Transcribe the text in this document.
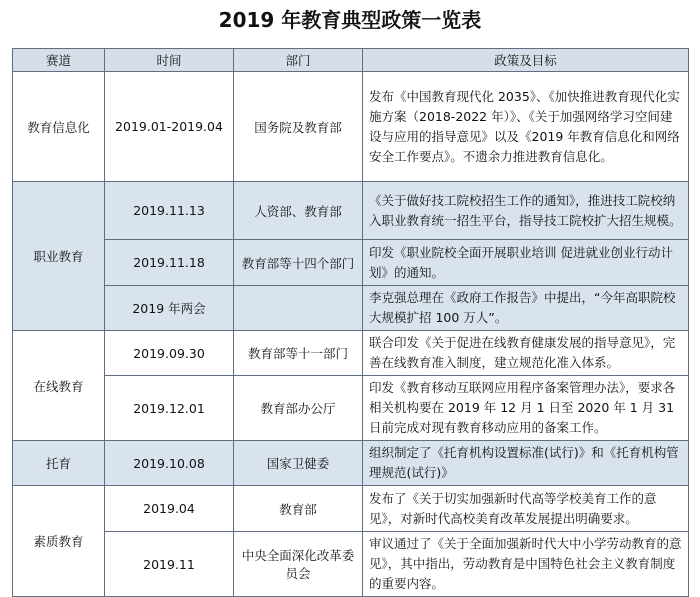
2019 年教育典型政策一览表
赛道	时间	部门	政策及目标
教育信息化	2019.01-2019.04	国务院及教育部	发布《中国教育现代化 2035》、《加快推进教育现代化实施方案（2018-2022 年）》、《关于加强网络学习空间建设与应用的指导意见》以及《2019 年教育信息化和网络安全工作要点》。不遗余力推进教育信息化。
职业教育	2019.11.13	人资部、教育部	《关于做好技工院校招生工作的通知》，推进技工院校纳入职业教育统一招生平台，指导技工院校扩大招生规模。
	2019.11.18	教育部等十四个部门	印发《职业院校全面开展职业培训 促进就业创业行动计划》的通知。
	2019 年两会		李克强总理在《政府工作报告》中提出，“今年高职院校大规模扩招 100 万人”。
在线教育	2019.09.30	教育部等十一部门	联合印发《关于促进在线教育健康发展的指导意见》，完善在线教育准入制度，建立规范化准入体系。
	2019.12.01	教育部办公厅	印发《教育移动互联网应用程序备案管理办法》，要求各相关机构要在 2019 年 12 月 1 日至 2020 年 1 月 31 日前完成对现有教育移动应用的备案工作。
托育	2019.10.08	国家卫健委	组织制定了《托育机构设置标准(试行)》和《托育机构管理规范(试行)》
素质教育	2019.04	教育部	发布了《关于切实加强新时代高等学校美育工作的意见》，对新时代高校美育改革发展提出明确要求。
	2019.11	中央全面深化改革委员会	审议通过了《关于全面加强新时代大中小学劳动教育的意见》，其中指出，劳动教育是中国特色社会主义教育制度的重要内容。
